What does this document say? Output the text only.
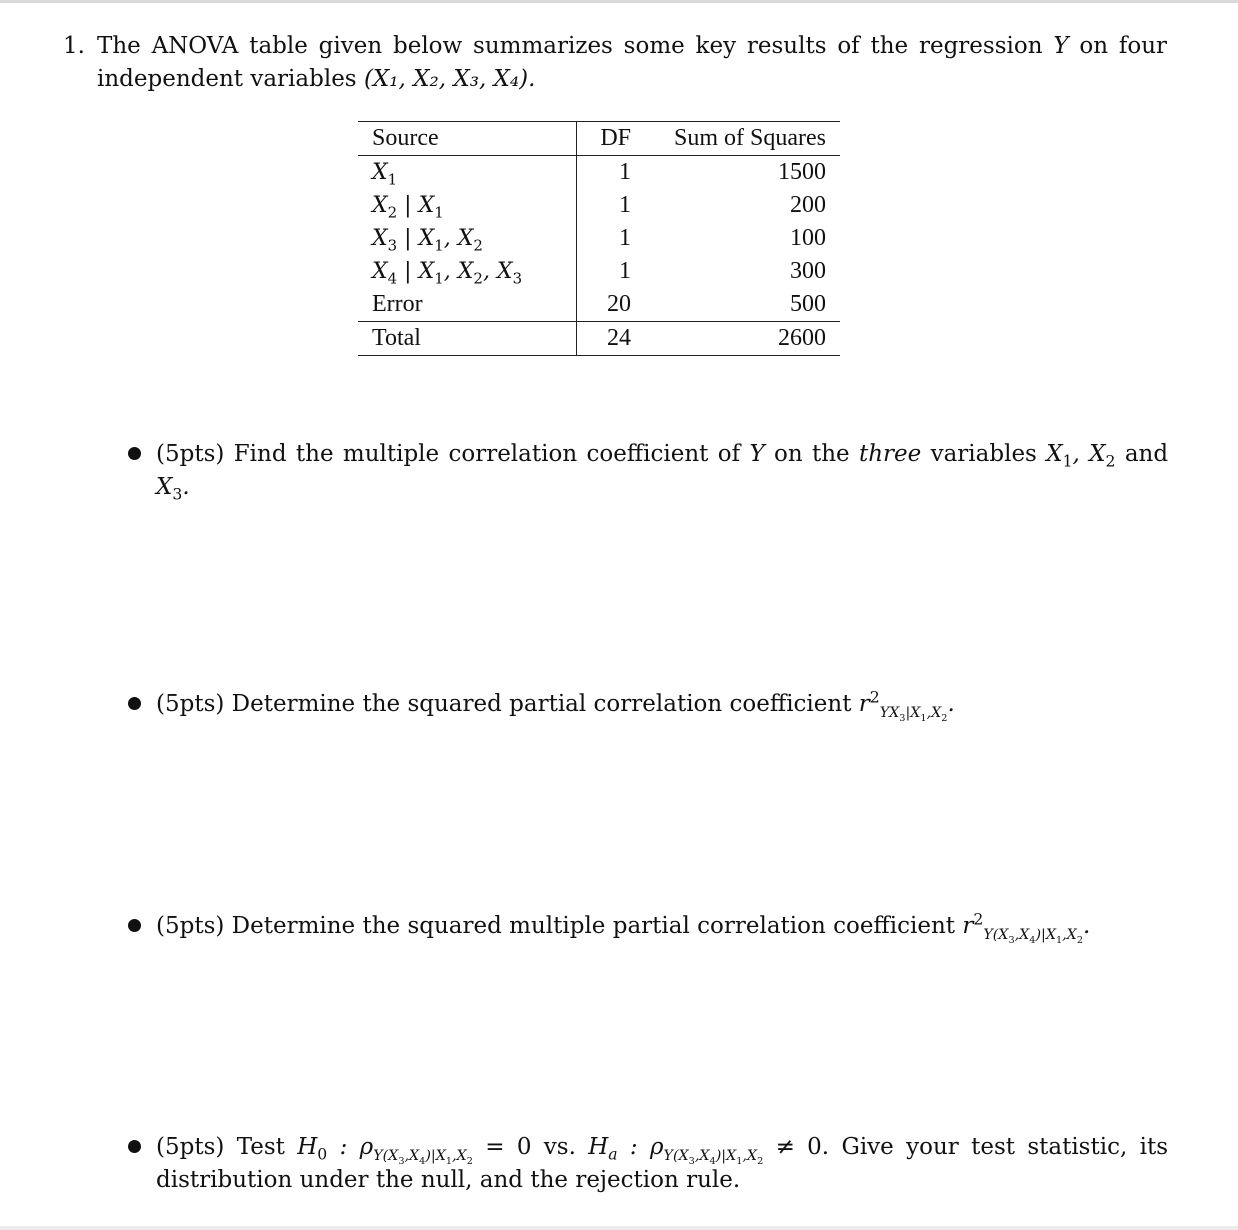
1. The ANOVA table given below summarizes some key results of the regression Y on four independent variables (X₁, X₂, X₃, X₄).
Source	DF	Sum of Squares
$X_1$	1	1500
$X_2$ | $X_1$	1	200
$X_3$ | $X_1$, $X_2$	1	100
$X_4$ | $X_1$, $X_2$, $X_3$	1	300
Error	20	500
Total	24	2600
(5pts) Find the multiple correlation coefficient of Y on the three variables $X_1$, $X_2$ and $X_3$.
(5pts) Determine the squared partial correlation coefficient $r^2_{YX_3|X_1,X_2}$.
(5pts) Determine the squared multiple partial correlation coefficient $r^2_{Y(X_3,X_4)|X_1,X_2}$.
(5pts) Test $H_0$ : $\rho_{Y(X_3,X_4)|X_1,X_2} = 0$ vs. $H_a$ : $\rho_{Y(X_3,X_4)|X_1,X_2} \ne 0$. Give your test statistic, its distribution under the null, and the rejection rule.
